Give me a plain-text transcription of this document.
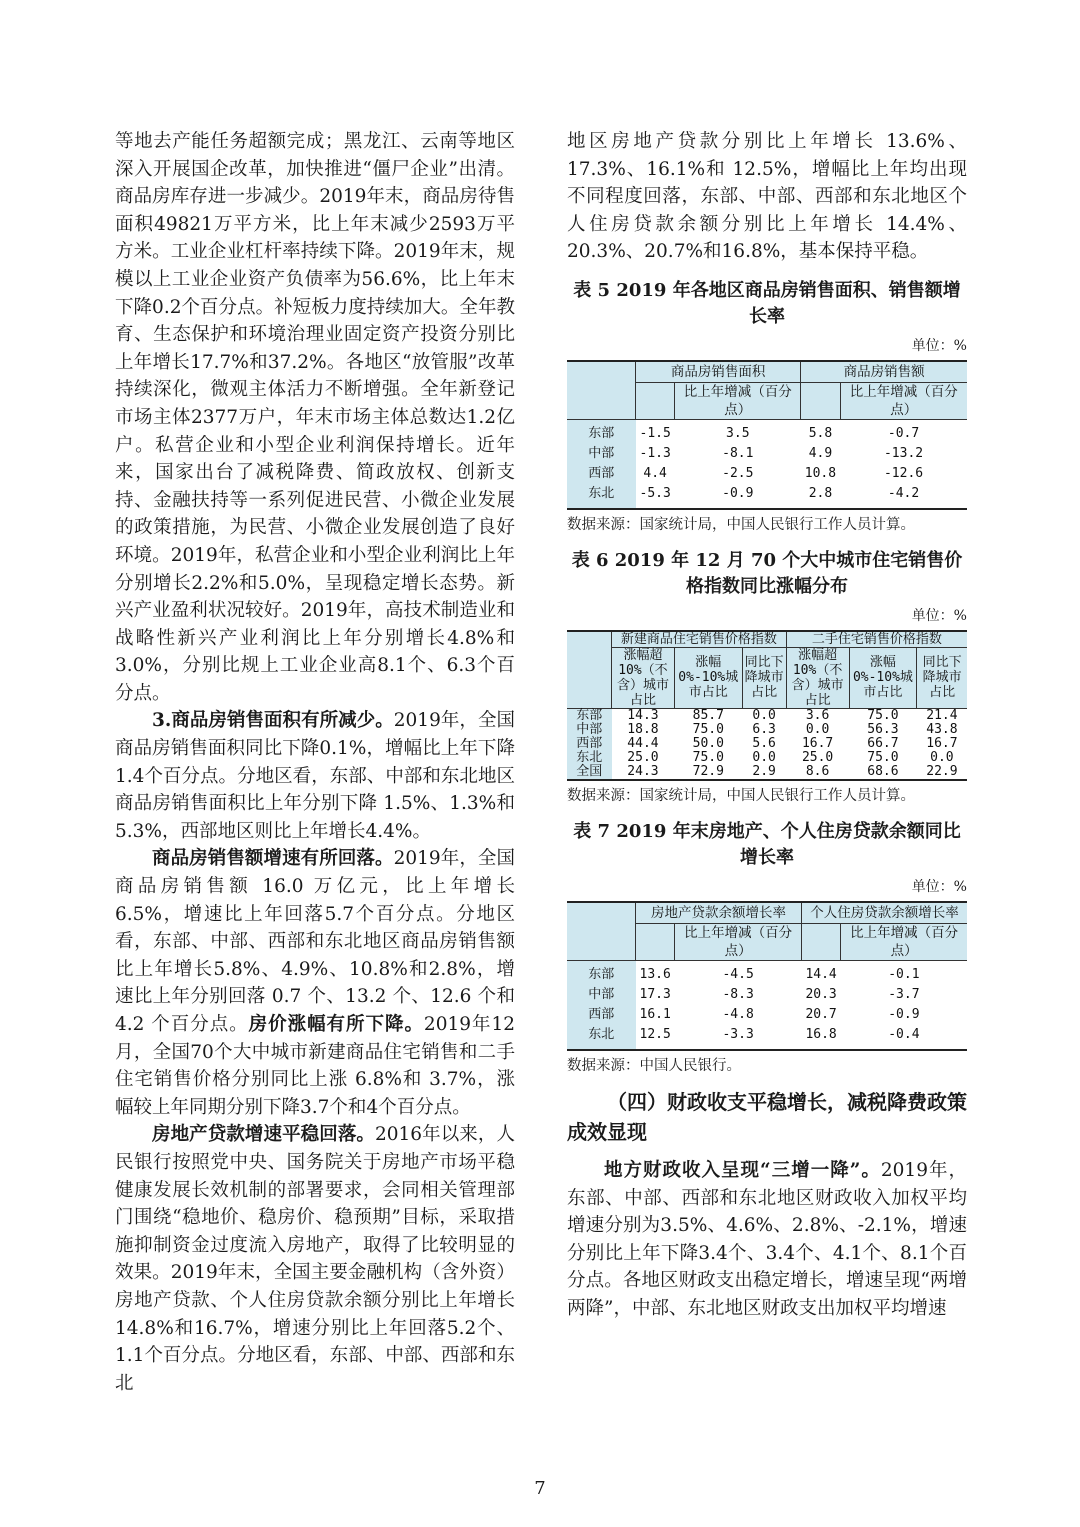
等地去产能任务超额完成；黑龙江、云南等地区深入开展国企改革，加快推进“僵尸企业”出清。商品房库存进一步减少。2019年末，商品房待售面积49821万平方米，比上年末减少2593万平方米。工业企业杠杆率持续下降。2019年末，规模以上工业企业资产负债率为56.6%，比上年末下降0.2个百分点。补短板力度持续加大。全年教育、生态保护和环境治理业固定资产投资分别比上年增长17.7%和37.2%。各地区“放管服”改革持续深化，微观主体活力不断增强。全年新登记市场主体2377万户，年末市场主体总数达1.2亿户。私营企业和小型企业利润保持增长。近年来，国家出台了减税降费、简政放权、创新支持、金融扶持等一系列促进民营、小微企业发展的政策措施，为民营、小微企业发展创造了良好环境。2019年，私营企业和小型企业利润比上年分别增长2.2%和5.0%，呈现稳定增长态势。新兴产业盈利状况较好。2019年，高技术制造业和战略性新兴产业利润比上年分别增长4.8%和3.0%，分别比规上工业企业高8.1个、6.3个百分点。

3.商品房销售面积有所减少。2019年，全国商品房销售面积同比下降0.1%，增幅比上年下降1.4个百分点。分地区看，东部、中部和东北地区商品房销售面积比上年分别下降 1.5%、1.3%和5.3%，西部地区则比上年增长4.4%。

商品房销售额增速有所回落。2019年，全国商品房销售额 16.0 万亿元，比上年增长 6.5%，增速比上年回落5.7个百分点。分地区看，东部、中部、西部和东北地区商品房销售额比上年增长5.8%、4.9%、10.8%和2.8%，增速比上年分别回落 0.7 个、13.2 个、12.6 个和 4.2 个百分点。房价涨幅有所下降。2019年12月，全国70个大中城市新建商品住宅销售和二手住宅销售价格分别同比上涨 6.8%和 3.7%，涨幅较上年同期分别下降3.7个和4个百分点。

房地产贷款增速平稳回落。2016年以来，人民银行按照党中央、国务院关于房地产市场平稳健康发展长效机制的部署要求，会同相关管理部门围绕“稳地价、稳房价、稳预期”目标，采取措施抑制资金过度流入房地产，取得了比较明显的效果。2019年末，全国主要金融机构（含外资）房地产贷款、个人住房贷款余额分别比上年增长14.8%和16.7%，增速分别比上年回落5.2个、1.1个百分点。分地区看，东部、中部、西部和东北

地区房地产贷款分别比上年增长 13.6%、17.3%、16.1%和 12.5%，增幅比上年均出现不同程度回落，东部、中部、西部和东北地区个人住房贷款余额分别比上年增长 14.4%、20.3%、20.7%和16.8%，基本保持平稳。

表 5 2019 年各地区商品房销售面积、销售额增长率
单位：%
	商品房销售面积		商品房销售额	
		比上年增减（百分点）		比上年增减（百分点）
东部	-1.5	3.5	5.8	-0.7
中部	-1.3	-8.1	4.9	-13.2
西部	4.4	-2.5	10.8	-12.6
东北	-5.3	-0.9	2.8	-4.2
数据来源：国家统计局，中国人民银行工作人员计算。
表 6 2019 年 12 月 70 个大中城市住宅销售价格指数同比涨幅分布
单位：%
	新建商品住宅销售价格指数			二手住宅销售价格指数		
	涨幅超10%（不含）城市占比	涨幅0%-10%城市占比	同比下降城市占比	涨幅超10%（不含）城市占比	涨幅0%-10%城市占比	同比下降城市占比
东部	14.3	85.7	0.0	3.6	75.0	21.4
中部	18.8	75.0	6.3	0.0	56.3	43.8
西部	44.4	50.0	5.6	16.7	66.7	16.7
东北	25.0	75.0	0.0	25.0	75.0	0.0
全国	24.3	72.9	2.9	8.6	68.6	22.9
数据来源：国家统计局，中国人民银行工作人员计算。
表 7 2019 年末房地产、个人住房贷款余额同比增长率
单位：%
	房地产贷款余额增长率		个人住房贷款余额增长率	
		比上年增减（百分点）		比上年增减（百分点）
东部	13.6	-4.5	14.4	-0.1
中部	17.3	-8.3	20.3	-3.7
西部	16.1	-4.8	20.7	-0.9
东北	12.5	-3.3	16.8	-0.4
数据来源：中国人民银行。

（四）财政收支平稳增长，减税降费政策成效显现

地方财政收入呈现“三增一降”。2019年，东部、中部、西部和东北地区财政收入加权平均增速分别为3.5%、4.6%、2.8%、-2.1%，增速分别比上年下降3.4个、3.4个、4.1个、8.1个百分点。各地区财政支出稳定增长，增速呈现“两增两降”，中部、东北地区财政支出加权平均增速

7
